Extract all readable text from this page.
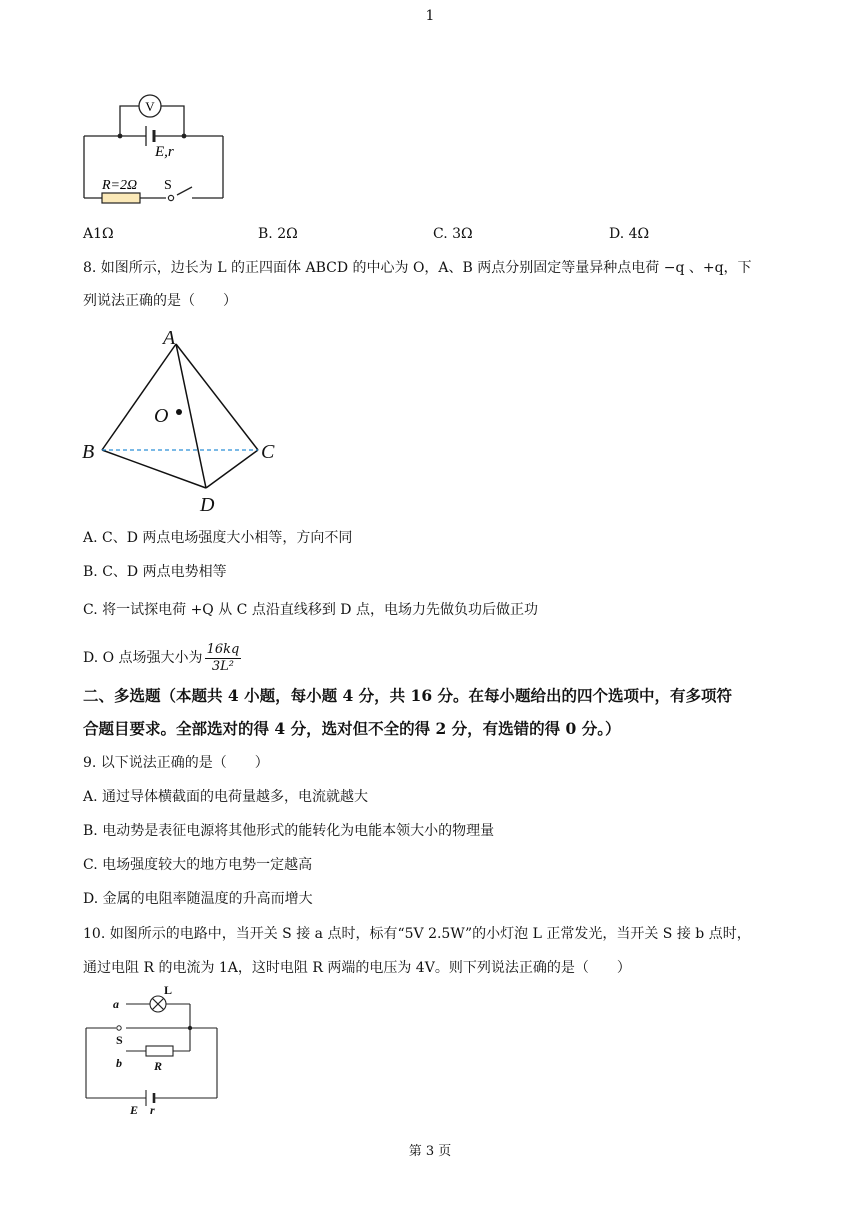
1
V
E,r
R=2Ω S
A1Ω	B. 2Ω	C. 3Ω	D. 4Ω
8. 如图所示，边长为 L 的正四面体 ABCD 的中心为 O，A、B 两点分别固定等量异种点电荷 −q 、+q，下
列说法正确的是（　　）
A
B	C
D
O
A. C、D 两点电场强度大小相等，方向不同
B. C、D 两点电势相等
C. 将一试探电荷 +Q 从 C 点沿直线移到 D 点，电场力先做负功后做正功
D. O 点场强大小为 $\frac{16kq}{\text{3L²}}$
二、多选题（本题共 4 小题，每小题 4 分，共 16 分。在每小题给出的四个选项中，有多项符
合题目要求。全部选对的得 4 分，选对但不全的得 2 分，有选错的得 0 分。）
9. 以下说法正确的是（　　）
A. 通过导体横截面的电荷量越多，电流就越大
B. 电动势是表征电源将其他形式的能转化为电能本领大小的物理量
C. 电场强度较大的地方电势一定越高
D. 金属的电阻率随温度的升高而增大
10. 如图所示的电路中，当开关 S 接 a 点时，标有“5V 2.5W”的小灯泡 L 正常发光，当开关 S 接 b 点时，
通过电阻 R 的电流为 1A，这时电阻 R 两端的电压为 4V。则下列说法正确的是（　　）
a
L
S
b	R
E r
第 3 页
